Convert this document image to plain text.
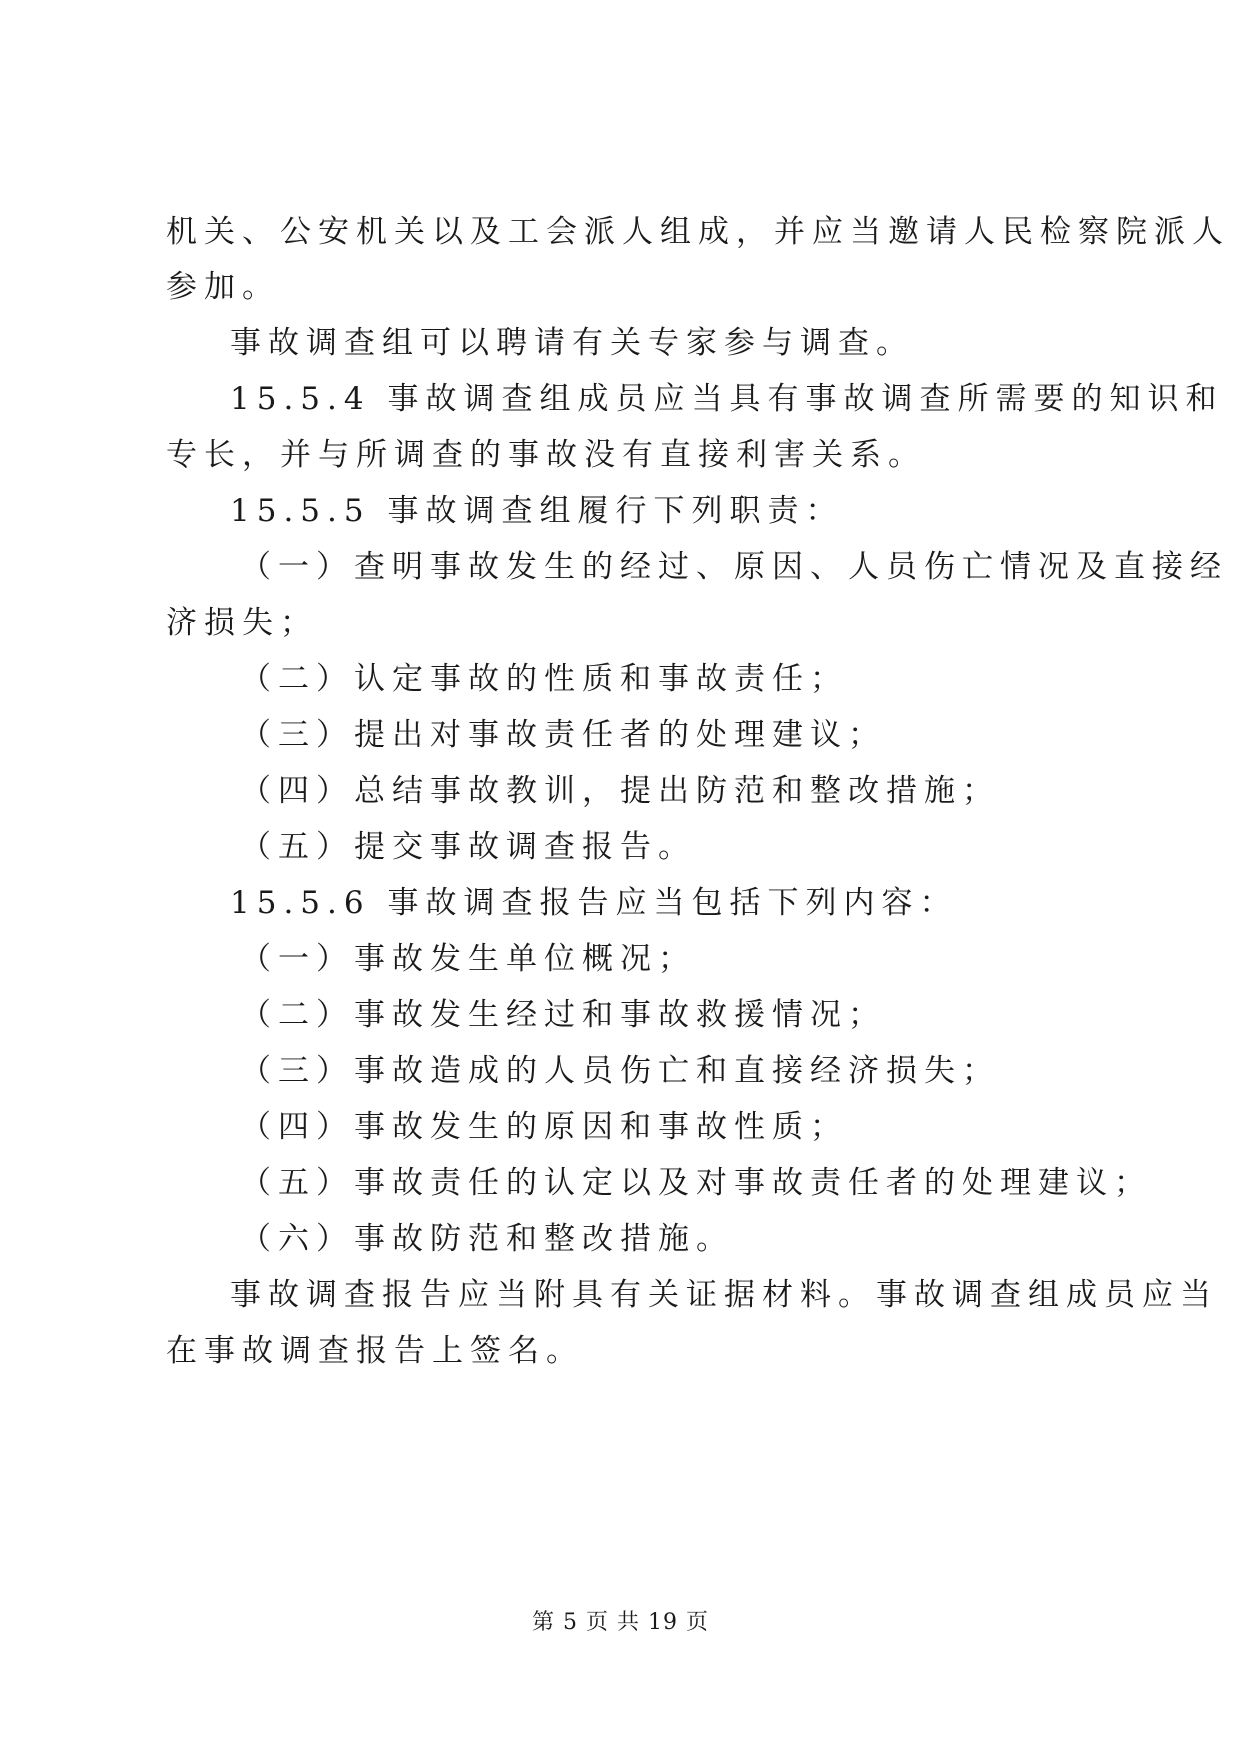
机关、公安机关以及工会派人组成，并应当邀请人民检察院派人
参加。
事故调查组可以聘请有关专家参与调查。
15.5.4 事故调查组成员应当具有事故调查所需要的知识和
专长，并与所调查的事故没有直接利害关系。
15.5.5 事故调查组履行下列职责：
（一）查明事故发生的经过、原因、人员伤亡情况及直接经
济损失；
（二）认定事故的性质和事故责任；
（三）提出对事故责任者的处理建议；
（四）总结事故教训，提出防范和整改措施；
（五）提交事故调查报告。
15.5.6 事故调查报告应当包括下列内容：
（一）事故发生单位概况；
（二）事故发生经过和事故救援情况；
（三）事故造成的人员伤亡和直接经济损失；
（四）事故发生的原因和事故性质；
（五）事故责任的认定以及对事故责任者的处理建议；
（六）事故防范和整改措施。
事故调查报告应当附具有关证据材料。事故调查组成员应当
在事故调查报告上签名。
第 5 页 共 19 页
